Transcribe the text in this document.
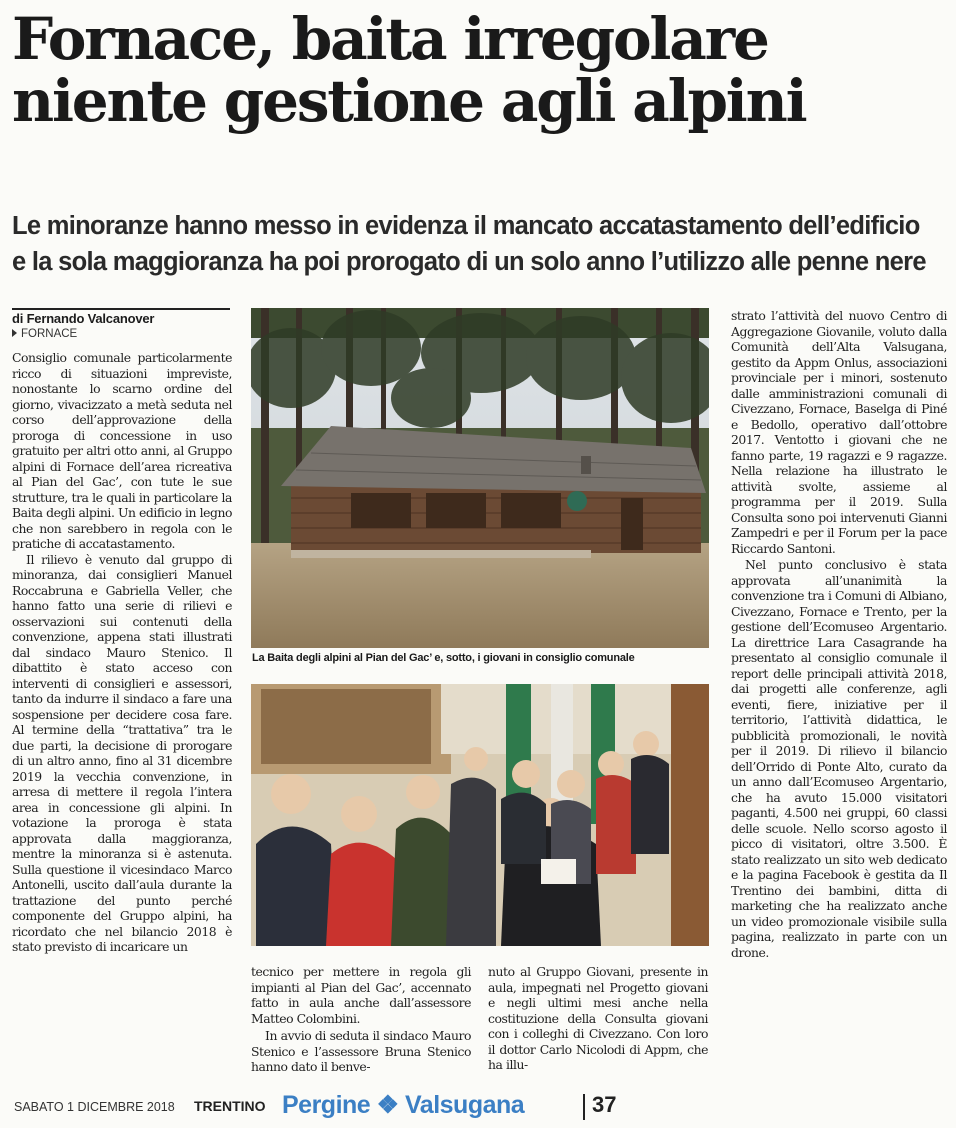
Fornace, baita irregolare
niente gestione agli alpini
Le minoranze hanno messo in evidenza il mancato accatastamento dell’edificio
e la sola maggioranza ha poi prorogato di un solo anno l’utilizzo alle penne nere
di Fernando Valcanover
FORNACE

Consiglio comunale particolarmente ricco di situazioni impreviste, nonostante lo scarno ordine del giorno, vivacizzato a metà seduta nel corso dell’approvazione della proroga di concessione in uso gratuito per altri otto anni, al Gruppo alpini di Fornace dell’area ricreativa al Pian del Gac’, con tute le sue strutture, tra le quali in particolare la Baita degli alpini. Un edificio in legno che non sarebbero in regola con le pratiche di accatastamento.

Il rilievo è venuto dal gruppo di minoranza, dai consiglieri Manuel Roccabruna e Gabriella Veller, che hanno fatto una serie di rilievi e osservazioni sui contenuti della convenzione, appena stati illustrati dal sindaco Mauro Stenico. Il dibattito è stato acceso con interventi di consiglieri e assessori, tanto da indurre il sindaco a fare una sospensione per decidere cosa fare. Al termine della “trattativa” tra le due parti, la decisione di prorogare di un altro anno, fino al 31 dicembre 2019 la vecchia convenzione, in arresa di mettere il regola l’intera area in concessione gli alpini. In votazione la proroga è stata approvata dalla maggioranza, mentre la minoranza si è astenuta. Sulla questione il vicesindaco Marco Antonelli, uscito dall’aula durante la trattazione del punto perché componente del Gruppo alpini, ha ricordato che nel bilancio 2018 è stato previsto di incaricare un

La Baita degli alpini al Pian del Gac’ e, sotto, i giovani in consiglio comunale

tecnico per mettere in regola gli impianti al Pian del Gac’, accennato fatto in aula anche dall’assessore Matteo Colombini.

In avvio di seduta il sindaco Mauro Stenico e l’assessore Bruna Stenico hanno dato il benve-

nuto al Gruppo Giovani, presente in aula, impegnati nel Progetto giovani e negli ultimi mesi anche nella costituzione della Consulta giovani con i colleghi di Civezzano. Con loro il dottor Carlo Nicolodi di Appm, che ha illu-

strato l’attività del nuovo Centro di Aggregazione Giovanile, voluto dalla Comunità dell’Alta Valsugana, gestito da Appm Onlus, associazioni provinciale per i minori, sostenuto dalle amministrazioni comunali di Civezzano, Fornace, Baselga di Piné e Bedollo, operativo dall’ottobre 2017. Ventotto i giovani che ne fanno parte, 19 ragazzi e 9 ragazze. Nella relazione ha illustrato le attività svolte, assieme al programma per il 2019. Sulla Consulta sono poi intervenuti Gianni Zampedri e per il Forum per la pace Riccardo Santoni.

Nel punto conclusivo è stata approvata all’unanimità la convenzione tra i Comuni di Albiano, Civezzano, Fornace e Trento, per la gestione dell’Ecomuseo Argentario. La direttrice Lara Casagrande ha presentato al consiglio comunale il report delle principali attività 2018, dai progetti alle conferenze, agli eventi, fiere, iniziative per il territorio, l’attività didattica, le pubblicità promozionali, le novità per il 2019. Di rilievo il bilancio dell’Orrido di Ponte Alto, curato da un anno dall’Ecomuseo Argentario, che ha avuto 15.000 visitatori paganti, 4.500 nei gruppi, 60 classi delle scuole. Nello scorso agosto il picco di visitatori, oltre 3.500. È stato realizzato un sito web dedicato e la pagina Facebook è gestita da Il Trentino dei bambini, ditta di marketing che ha realizzato anche un video promozionale visibile sulla pagina, realizzato in parte con un drone.

SABATO 1 DICEMBRE 2018 TRENTINO Pergine ❖ Valsugana	37
